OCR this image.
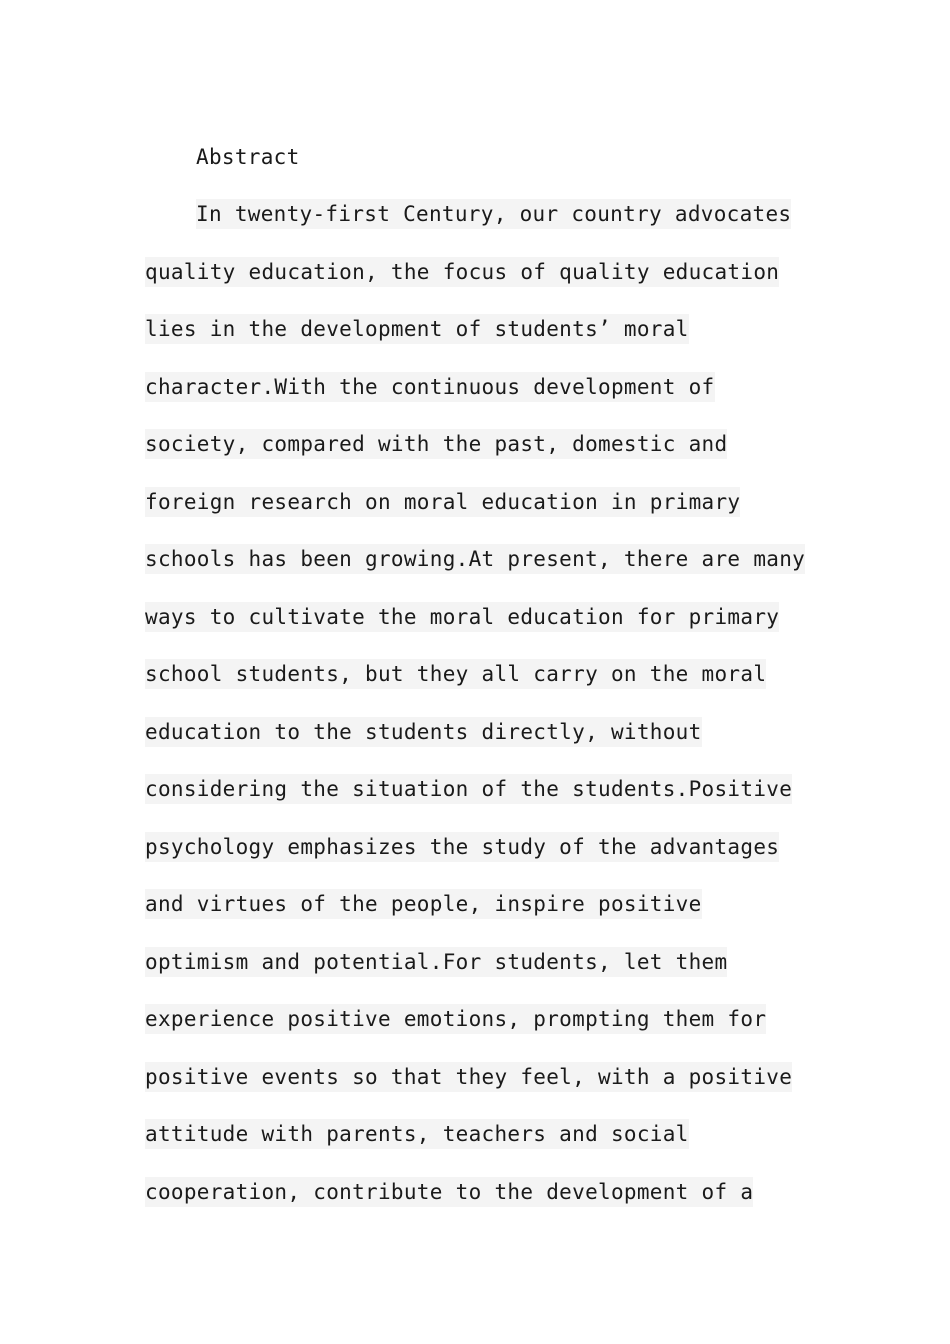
Abstract
In twenty-first Century, our country advocates
quality education, the focus of quality education
lies in the development of students’ moral
character.With the continuous development of
society, compared with the past, domestic and
foreign research on moral education in primary
schools has been growing.At present, there are many
ways to cultivate the moral education for primary
school students, but they all carry on the moral
education to the students directly, without
considering the situation of the students.Positive
psychology emphasizes the study of the advantages
and virtues of the people, inspire positive
optimism and potential.For students, let them
experience positive emotions, prompting them for
positive events so that they feel, with a positive
attitude with parents, teachers and social
cooperation, contribute to the development of a
